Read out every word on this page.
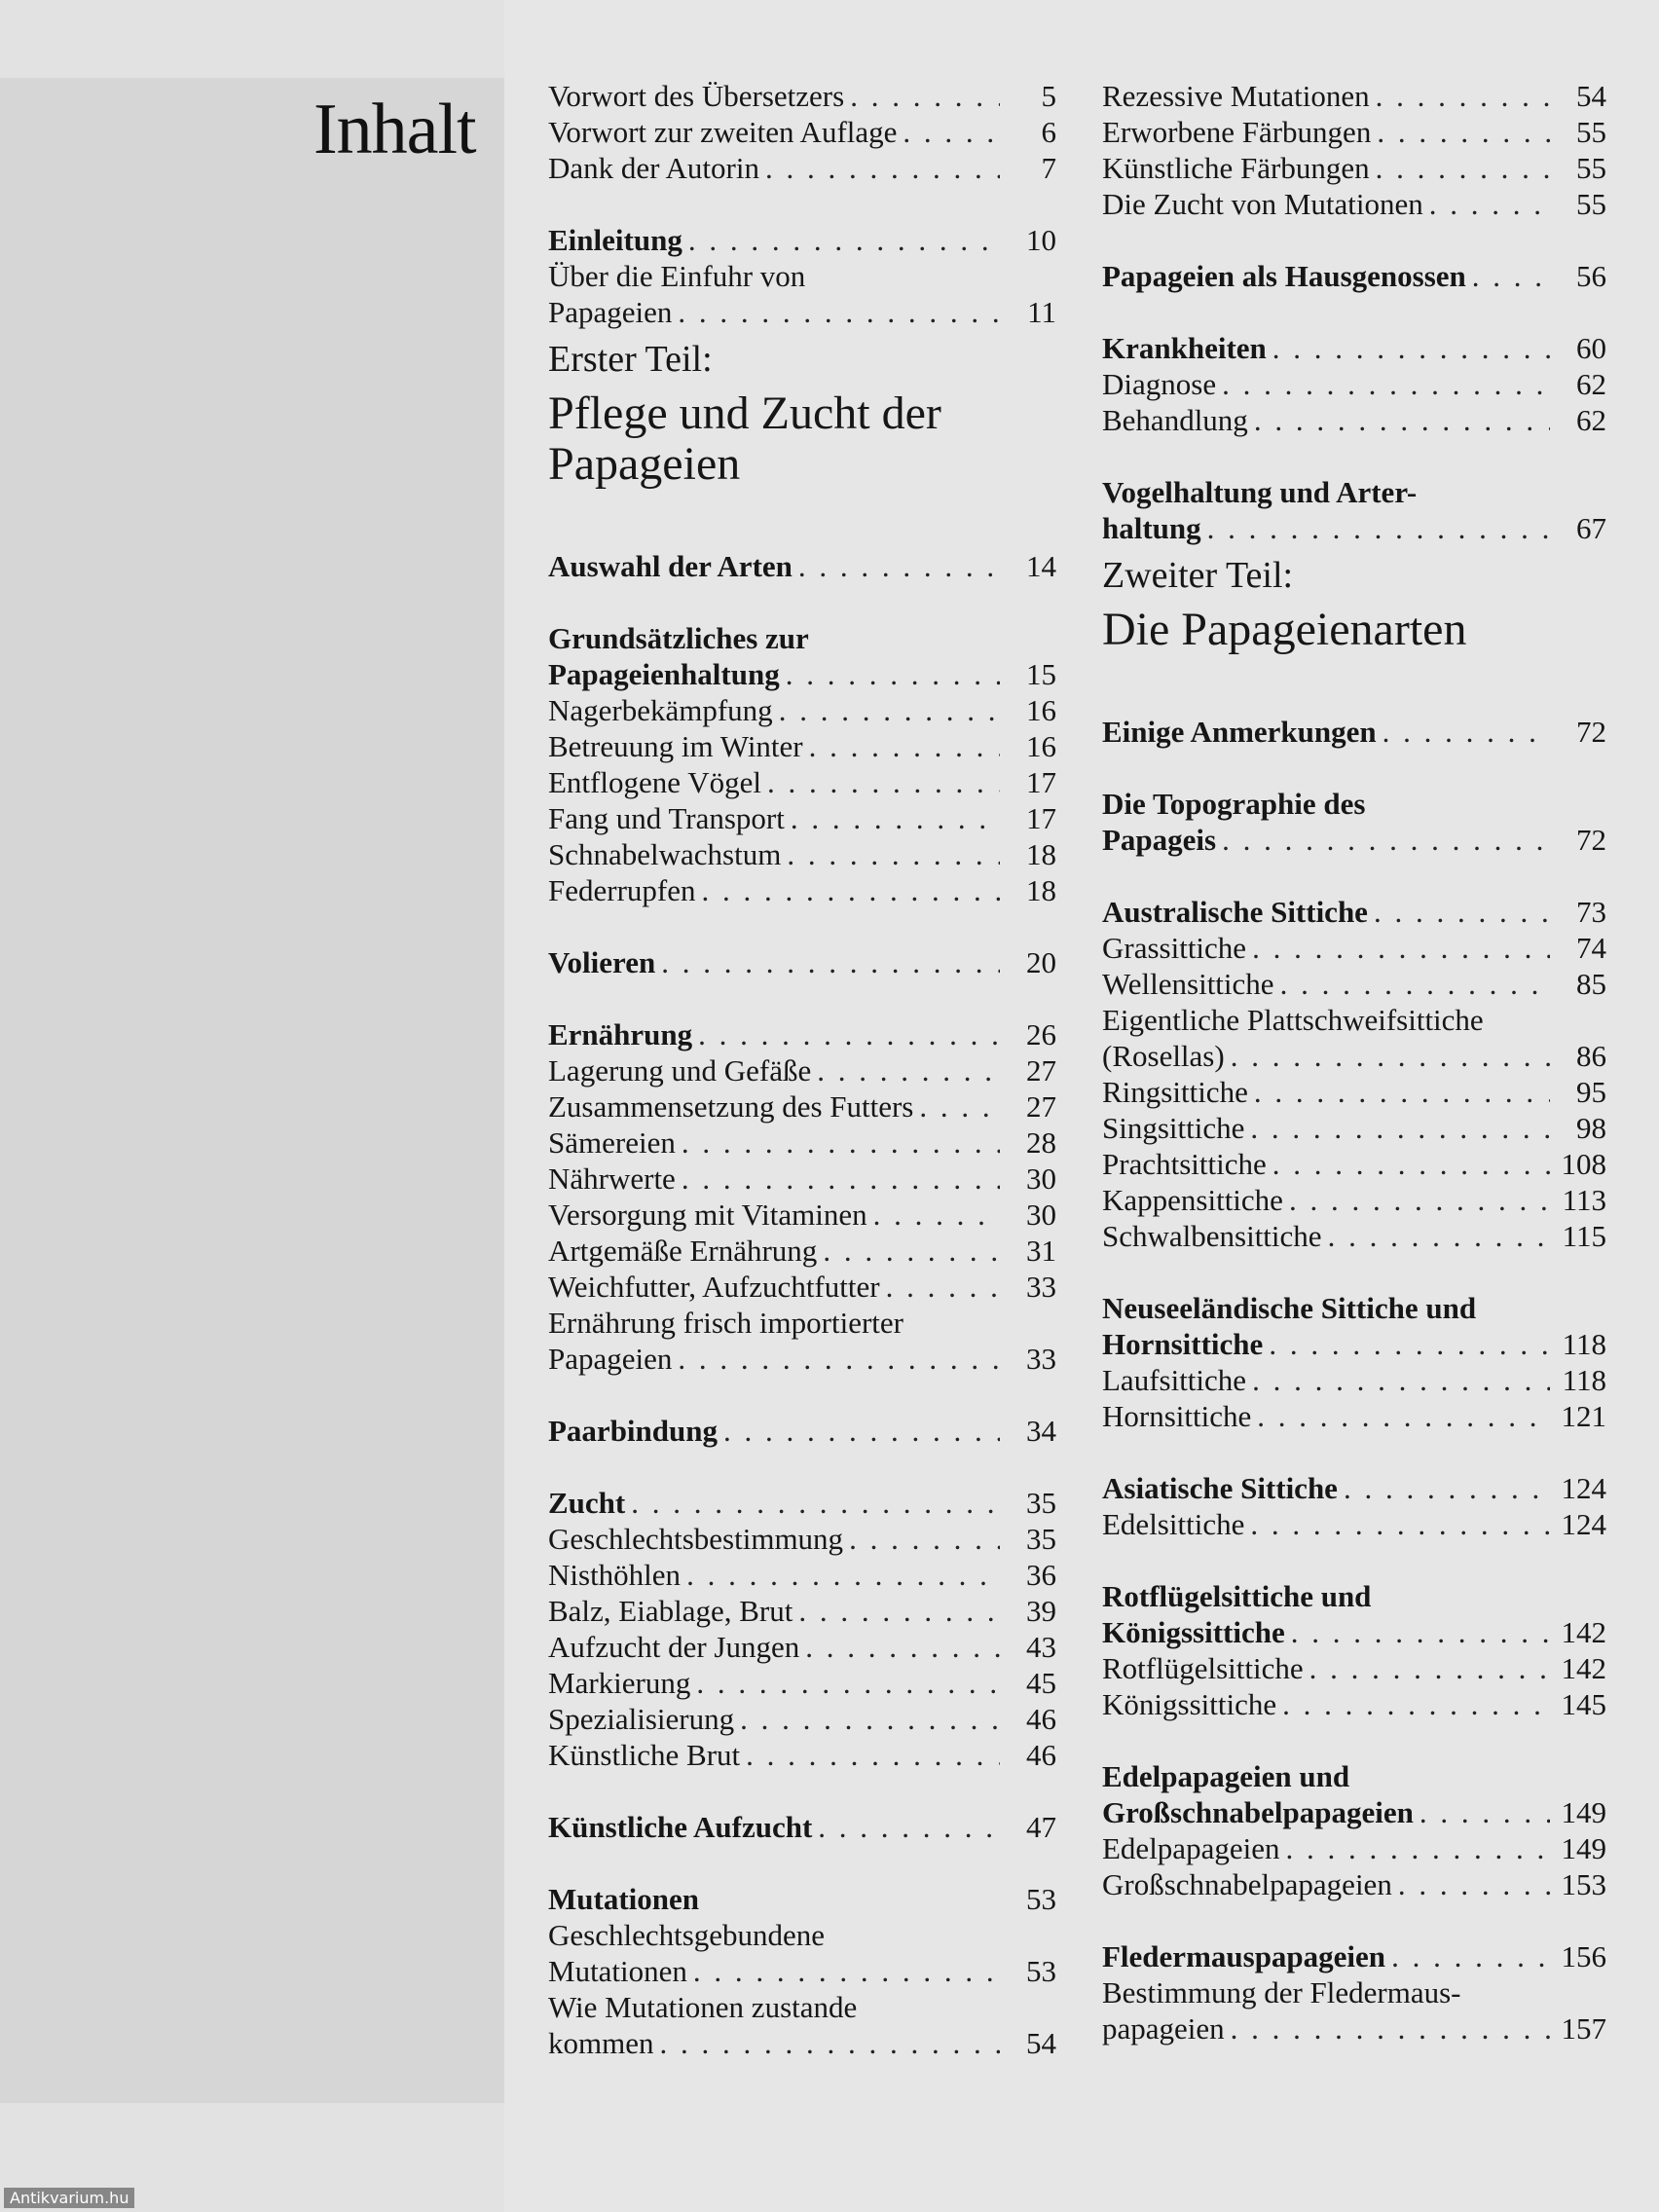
Inhalt Vorwort des Übersetzers . . .	5
Vorwort zur zweiten Auflage . . .	6
Dank der Autorin . . .	7
Einleitung . . .	10
Über die Einfuhr von
Papageien . . .	11
Erster Teil:
Pflege und Zucht der Papageien
Auswahl der Arten . . .	14
Grundsätzliches zur
Papageienhaltung . . .	15
Nagerbekämpfung . . .	16
Betreuung im Winter . . .	16
Entflogene Vögel . . .	17
Fang und Transport . . .	17
Schnabelwachstum . . .	18
Federrupfen . . .	18
Volieren . . .	20
Ernährung . . .	26
Lagerung und Gefäße . . .	27
Zusammensetzung des Futters . . .	27
Sämereien . . .	28
Nährwerte . . .	30
Versorgung mit Vitaminen . . .	30
Artgemäße Ernährung . . .	31
Weichfutter, Aufzuchtfutter . . .	33
Ernährung frisch importierter
Papageien . . .	33
Paarbindung . . .	34
Zucht . . .	35
Geschlechtsbestimmung . . .	35
Nisthöhlen . . .	36
Balz, Eiablage, Brut . . .	39
Aufzucht der Jungen . . .	43
Markierung . . .	45
Spezialisierung . . .	46
Künstliche Brut . . .	46
Künstliche Aufzucht . . .	47
Mutationen	53
Geschlechtsgebundene
Mutationen . . .	53
Wie Mutationen zustande
kommen . . .	54
Rezessive Mutationen . . .	54
Erworbene Färbungen . . .	55
Künstliche Färbungen . . .	55
Die Zucht von Mutationen . . .	55
Papageien als Hausgenossen . . .	56
Krankheiten . . .	60
Diagnose . . .	62
Behandlung . . .	62
Vogelhaltung und Arter-
haltung . . .	67
Zweiter Teil:
Die Papageienarten
Einige Anmerkungen . . .	72
Die Topographie des
Papageis . . .	72
Australische Sittiche . . .	73
Grassittiche . . .	74
Wellensittiche . . .	85
Eigentliche Plattschweifsittiche
(Rosellas) . . .	86
Ringsittiche . . .	95
Singsittiche . . .	98
Prachtsittiche . . .	108
Kappensittiche . . .	113
Schwalbensittiche . . .	115
Neuseeländische Sittiche und
Hornsittiche . . .	118
Laufsittiche . . .	118
Hornsittiche . . .	121
Asiatische Sittiche . . .	124
Edelsittiche . . .	124
Rotflügelsittiche und
Königssittiche . . .	142
Rotflügelsittiche . . .	142
Königssittiche . . .	145
Edelpapageien und
Großschnabelpapageien . . .	149
Edelpapageien . . .	149
Großschnabelpapageien . . .	153
Fledermauspapageien . . .	156
Bestimmung der Fledermaus-
papageien . . .	157
Antikvarium.hu
